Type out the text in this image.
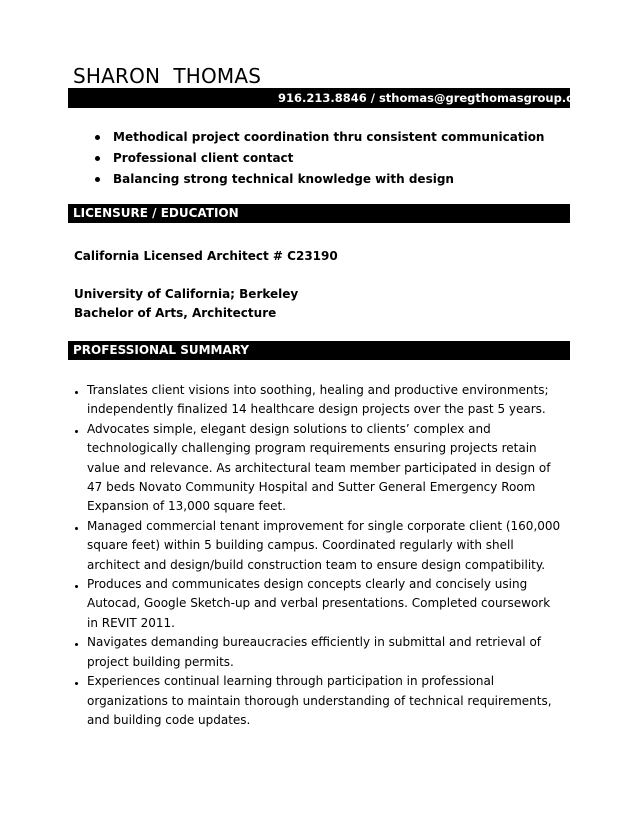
SHARON  THOMAS
916.213.8846 / sthomas@gregthomasgroup.com
Methodical project coordination thru consistent communication
Professional client contact
Balancing strong technical knowledge with design
LICENSURE / EDUCATION
California Licensed Architect # C23190
University of California; Berkeley
Bachelor of Arts, Architecture
PROFESSIONAL SUMMARY
Translates client visions into soothing, healing and productive environments;
independently finalized 14 healthcare design projects over the past 5 years.
Advocates simple, elegant design solutions to clients’ complex and
technologically challenging program requirements ensuring projects retain
value and relevance. As architectural team member participated in design of
47 beds Novato Community Hospital and Sutter General Emergency Room
Expansion of 13,000 square feet.
Managed commercial tenant improvement for single corporate client (160,000
square feet) within 5 building campus. Coordinated regularly with shell
architect and design/build construction team to ensure design compatibility.
Produces and communicates design concepts clearly and concisely using
Autocad, Google Sketch-up and verbal presentations. Completed coursework
in REVIT 2011.
Navigates demanding bureaucracies efficiently in submittal and retrieval of
project building permits.
Experiences continual learning through participation in professional
organizations to maintain thorough understanding of technical requirements,
and building code updates.
